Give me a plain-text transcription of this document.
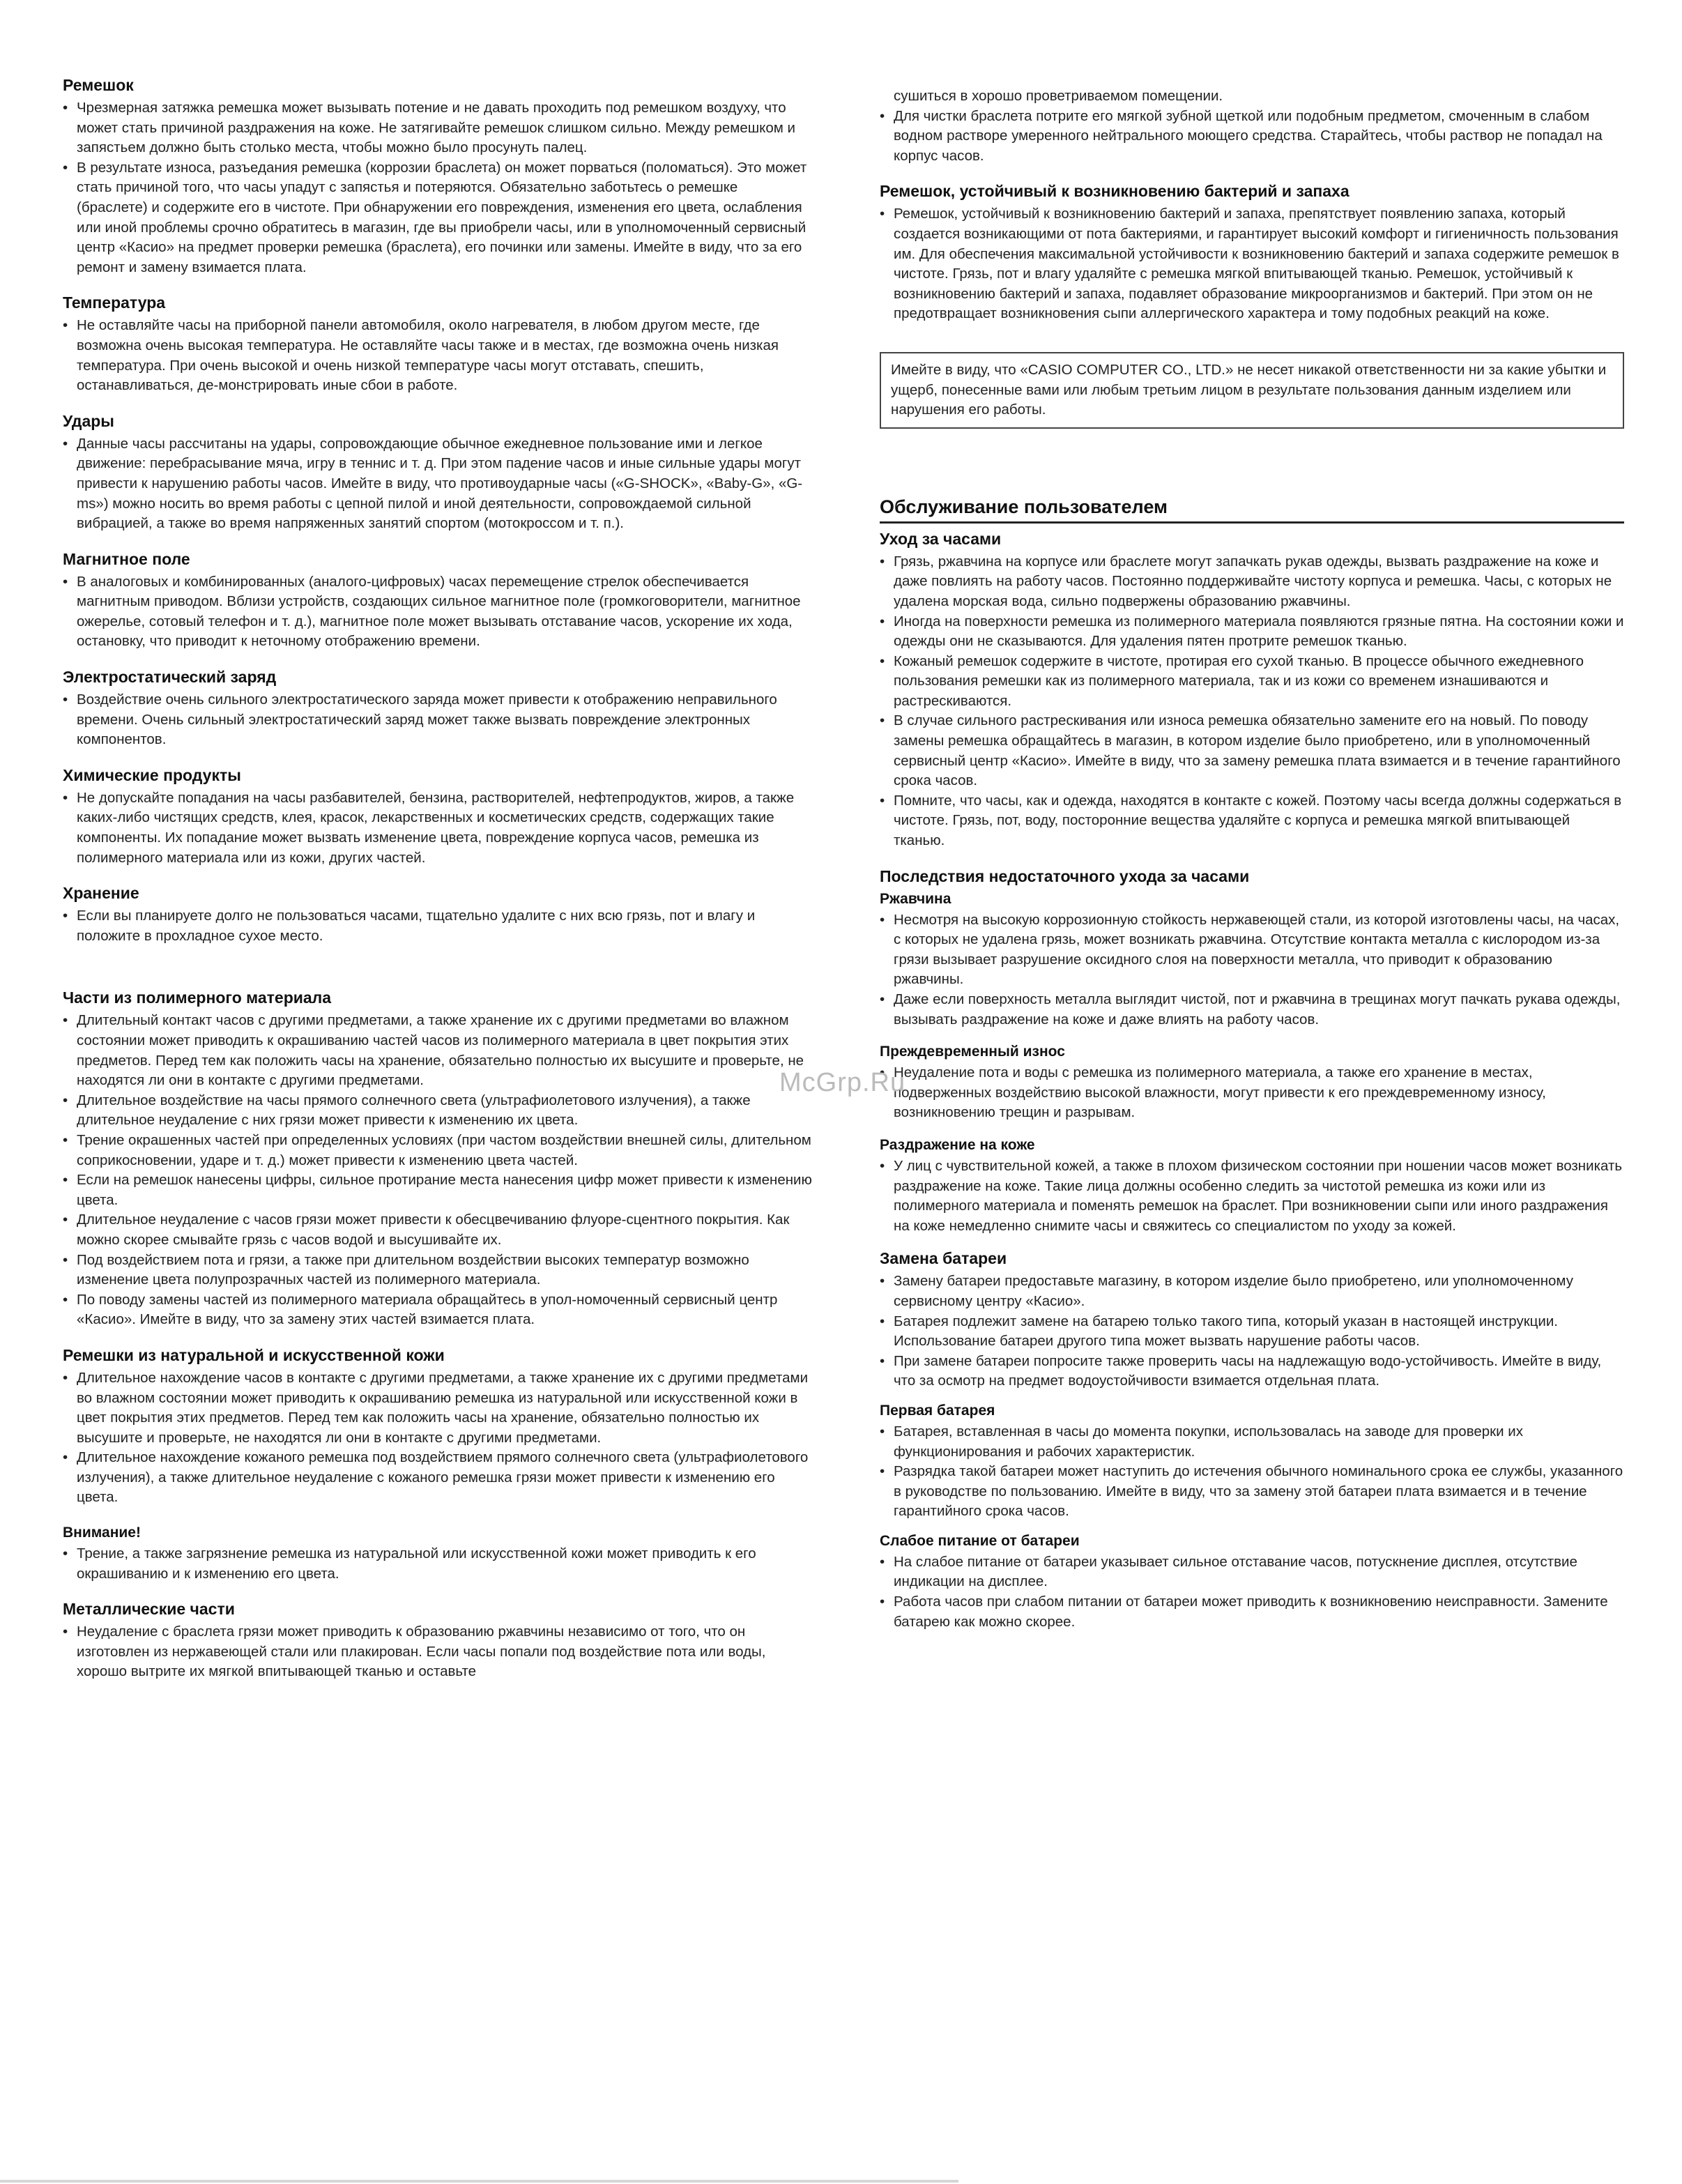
Ремешок
• Чрезмерная затяжка ремешка может вызывать потение и не давать проходить под ремешком воздуху, что может стать причиной раздражения на коже. Не затягивайте ремешок слишком сильно. Между ремешком и запястьем должно быть столько места, чтобы можно было просунуть палец.
• В результате износа, разъедания ремешка (коррозии браслета) он может порваться (поломаться). Это может стать причиной того, что часы упадут с запястья и потеряются. Обязательно заботьтесь о ремешке (браслете) и содержите его в чистоте. При обнаружении его повреждения, изменения его цвета, ослабления или иной проблемы срочно обратитесь в магазин, где вы приобрели часы, или в уполномоченный сервисный центр «Касио» на предмет проверки ремешка (браслета), его починки или замены. Имейте в виду, что за его ремонт и замену взимается плата.
Температура
• Не оставляйте часы на приборной панели автомобиля, около нагревателя, в любом другом месте, где возможна очень высокая температура. Не оставляйте часы также и в местах, где возможна очень низкая температура. При очень высокой и очень низкой температуре часы могут отставать, спешить, останавливаться, де-монстрировать иные сбои в работе.
Удары
• Данные часы рассчитаны на удары, сопровождающие обычное ежедневное пользование ими и легкое движение: перебрасывание мяча, игру в теннис и т. д. При этом падение часов и иные сильные удары могут привести к нарушению работы часов. Имейте в виду, что противоударные часы («G-SHOCK», «Baby-G», «G-ms») можно носить во время работы с цепной пилой и иной деятельности, сопровождаемой сильной вибрацией, а также во время напряженных занятий спортом (мотокроссом и т. п.).
Магнитное поле
• В аналоговых и комбинированных (аналого-цифровых) часах перемещение стрелок обеспечивается магнитным приводом. Вблизи устройств, создающих сильное магнитное поле (громкоговорители, магнитное ожерелье, сотовый телефон и т. д.), магнитное поле может вызывать отставание часов, ускорение их хода, остановку, что приводит к неточному отображению времени.
Электростатический заряд
• Воздействие очень сильного электростатического заряда может привести к отображению неправильного времени. Очень сильный электростатический заряд может также вызвать повреждение электронных компонентов.
Химические продукты
• Не допускайте попадания на часы разбавителей, бензина, растворителей, нефтепродуктов, жиров, а также каких-либо чистящих средств, клея, красок, лекарственных и косметических средств, содержащих такие компоненты. Их попадание может вызвать изменение цвета, повреждение корпуса часов, ремешка из полимерного материала или из кожи, других частей.
Хранение
• Если вы планируете долго не пользоваться часами, тщательно удалите с них всю грязь, пот и влагу и положите в прохладное сухое место.
Части из полимерного материала
• Длительный контакт часов с другими предметами, а также хранение их с другими предметами во влажном состоянии может приводить к окрашиванию частей часов из полимерного материала в цвет покрытия этих предметов. Перед тем как положить часы на хранение, обязательно полностью их высушите и проверьте, не находятся ли они в контакте с другими предметами.
• Длительное воздействие на часы прямого солнечного света (ультрафиолетового излучения), а также длительное неудаление с них грязи может привести к изменению их цвета.
• Трение окрашенных частей при определенных условиях (при частом воздействии внешней силы, длительном соприкосновении, ударе и т. д.) может привести к изменению цвета частей.
• Если на ремешок нанесены цифры, сильное протирание места нанесения цифр может привести к изменению цвета.
• Длительное неудаление с часов грязи может привести к обесцвечиванию флуоре-сцентного покрытия. Как можно скорее смывайте грязь с часов водой и высушивайте их.
• Под воздействием пота и грязи, а также при длительном воздействии высоких температур возможно изменение цвета полупрозрачных частей из полимерного материала.
• По поводу замены частей из полимерного материала обращайтесь в упол-номоченный сервисный центр «Касио». Имейте в виду, что за замену этих частей взимается плата.
Ремешки из натуральной и искусственной кожи
• Длительное нахождение часов в контакте с другими предметами, а также хранение их с другими предметами во влажном состоянии может приводить к окрашиванию ремешка из натуральной или искусственной кожи в цвет покрытия этих предметов. Перед тем как положить часы на хранение, обязательно полностью их высушите и проверьте, не находятся ли они в контакте с другими предметами.
• Длительное нахождение кожаного ремешка под воздействием прямого солнечного света (ультрафиолетового излучения), а также длительное неудаление с кожаного ремешка грязи может привести к изменению его цвета.
Внимание!
• Трение, а также загрязнение ремешка из натуральной или искусственной кожи может приводить к его окрашиванию и к изменению его цвета.
Металлические части
• Неудаление с браслета грязи может приводить к образованию ржавчины независимо от того, что он изготовлен из нержавеющей стали или плакирован. Если часы попали под воздействие пота или воды, хорошо вытрите их мягкой впитывающей тканью и оставьте

сушиться в хорошо проветриваемом помещении.

• Для чистки браслета потрите его мягкой зубной щеткой или подобным предметом, смоченным в слабом водном растворе умеренного нейтрального моющего средства. Старайтесь, чтобы раствор не попадал на корпус часов.
Ремешок, устойчивый к возникновению бактерий и запаха
• Ремешок, устойчивый к возникновению бактерий и запаха, препятствует появлению запаха, который создается возникающими от пота бактериями, и гарантирует высокий комфорт и гигиеничность пользования им. Для обеспечения максимальной устойчивости к возникновению бактерий и запаха содержите ремешок в чистоте. Грязь, пот и влагу удаляйте с ремешка мягкой впитывающей тканью. Ремешок, устойчивый к возникновению бактерий и запаха, подавляет образование микроорганизмов и бактерий. При этом он не предотвращает возникновения сыпи аллергического характера и тому подобных реакций на коже.
Имейте в виду, что «CASIO COMPUTER CO., LTD.» не несет никакой ответственности ни за какие убытки и ущерб, понесенные вами или любым третьим лицом в результате пользования данным изделием или нарушения его работы.
Обслуживание пользователем
Уход за часами
• Грязь, ржавчина на корпусе или браслете могут запачкать рукав одежды, вызвать раздражение на коже и даже повлиять на работу часов. Постоянно поддерживайте чистоту корпуса и ремешка. Часы, с которых не удалена морская вода, сильно подвержены образованию ржавчины.
• Иногда на поверхности ремешка из полимерного материала появляются грязные пятна. На состоянии кожи и одежды они не сказываются. Для удаления пятен протрите ремешок тканью.
• Кожаный ремешок содержите в чистоте, протирая его сухой тканью. В процессе обычного ежедневного пользования ремешки как из полимерного материала, так и из кожи со временем изнашиваются и растрескиваются.
• В случае сильного растрескивания или износа ремешка обязательно замените его на новый. По поводу замены ремешка обращайтесь в магазин, в котором изделие было приобретено, или в уполномоченный сервисный центр «Касио». Имейте в виду, что за замену ремешка плата взимается и в течение гарантийного срока часов.
• Помните, что часы, как и одежда, находятся в контакте с кожей. Поэтому часы всегда должны содержаться в чистоте. Грязь, пот, воду, посторонние вещества удаляйте с корпуса и ремешка мягкой впитывающей тканью.
Последствия недостаточного ухода за часами
Ржавчина
• Несмотря на высокую коррозионную стойкость нержавеющей стали, из которой изготовлены часы, на часах, с которых не удалена грязь, может возникать ржавчина. Отсутствие контакта металла с кислородом из-за грязи вызывает разрушение оксидного слоя на поверхности металла, что приводит к образованию ржавчины.
• Даже если поверхность металла выглядит чистой, пот и ржавчина в трещинах могут пачкать рукава одежды, вызывать раздражение на коже и даже влиять на работу часов.
Преждевременный износ
• Неудаление пота и воды с ремешка из полимерного материала, а также его хранение в местах, подверженных воздействию высокой влажности, могут привести к его преждевременному износу, возникновению трещин и разрывам.
Раздражение на коже
• У лиц с чувствительной кожей, а также в плохом физическом состоянии при ношении часов может возникать раздражение на коже. Такие лица должны особенно следить за чистотой ремешка из кожи или из полимерного материала и поменять ремешок на браслет. При возникновении сыпи или иного раздражения на коже немедленно снимите часы и свяжитесь со специалистом по уходу за кожей.
Замена батареи
• Замену батареи предоставьте магазину, в котором изделие было приобретено, или уполномоченному сервисному центру «Касио».
• Батарея подлежит замене на батарею только такого типа, который указан в настоящей инструкции. Использование батареи другого типа может вызвать нарушение работы часов.
• При замене батареи попросите также проверить часы на надлежащую водо-устойчивость. Имейте в виду, что за осмотр на предмет водоустойчивости взимается отдельная плата.
Первая батарея
• Батарея, вставленная в часы до момента покупки, использовалась на заводе для проверки их функционирования и рабочих характеристик.
• Разрядка такой батареи может наступить до истечения обычного номинального срока ее службы, указанного в руководстве по пользованию. Имейте в виду, что за замену этой батареи плата взимается и в течение гарантийного срока часов.
Слабое питание от батареи
• На слабое питание от батареи указывает сильное отставание часов, потускнение дисплея, отсутствие индикации на дисплее.
• Работа часов при слабом питании от батареи может приводить к возникновению неисправности. Замените батарею как можно скорее.
McGrp.Ru
